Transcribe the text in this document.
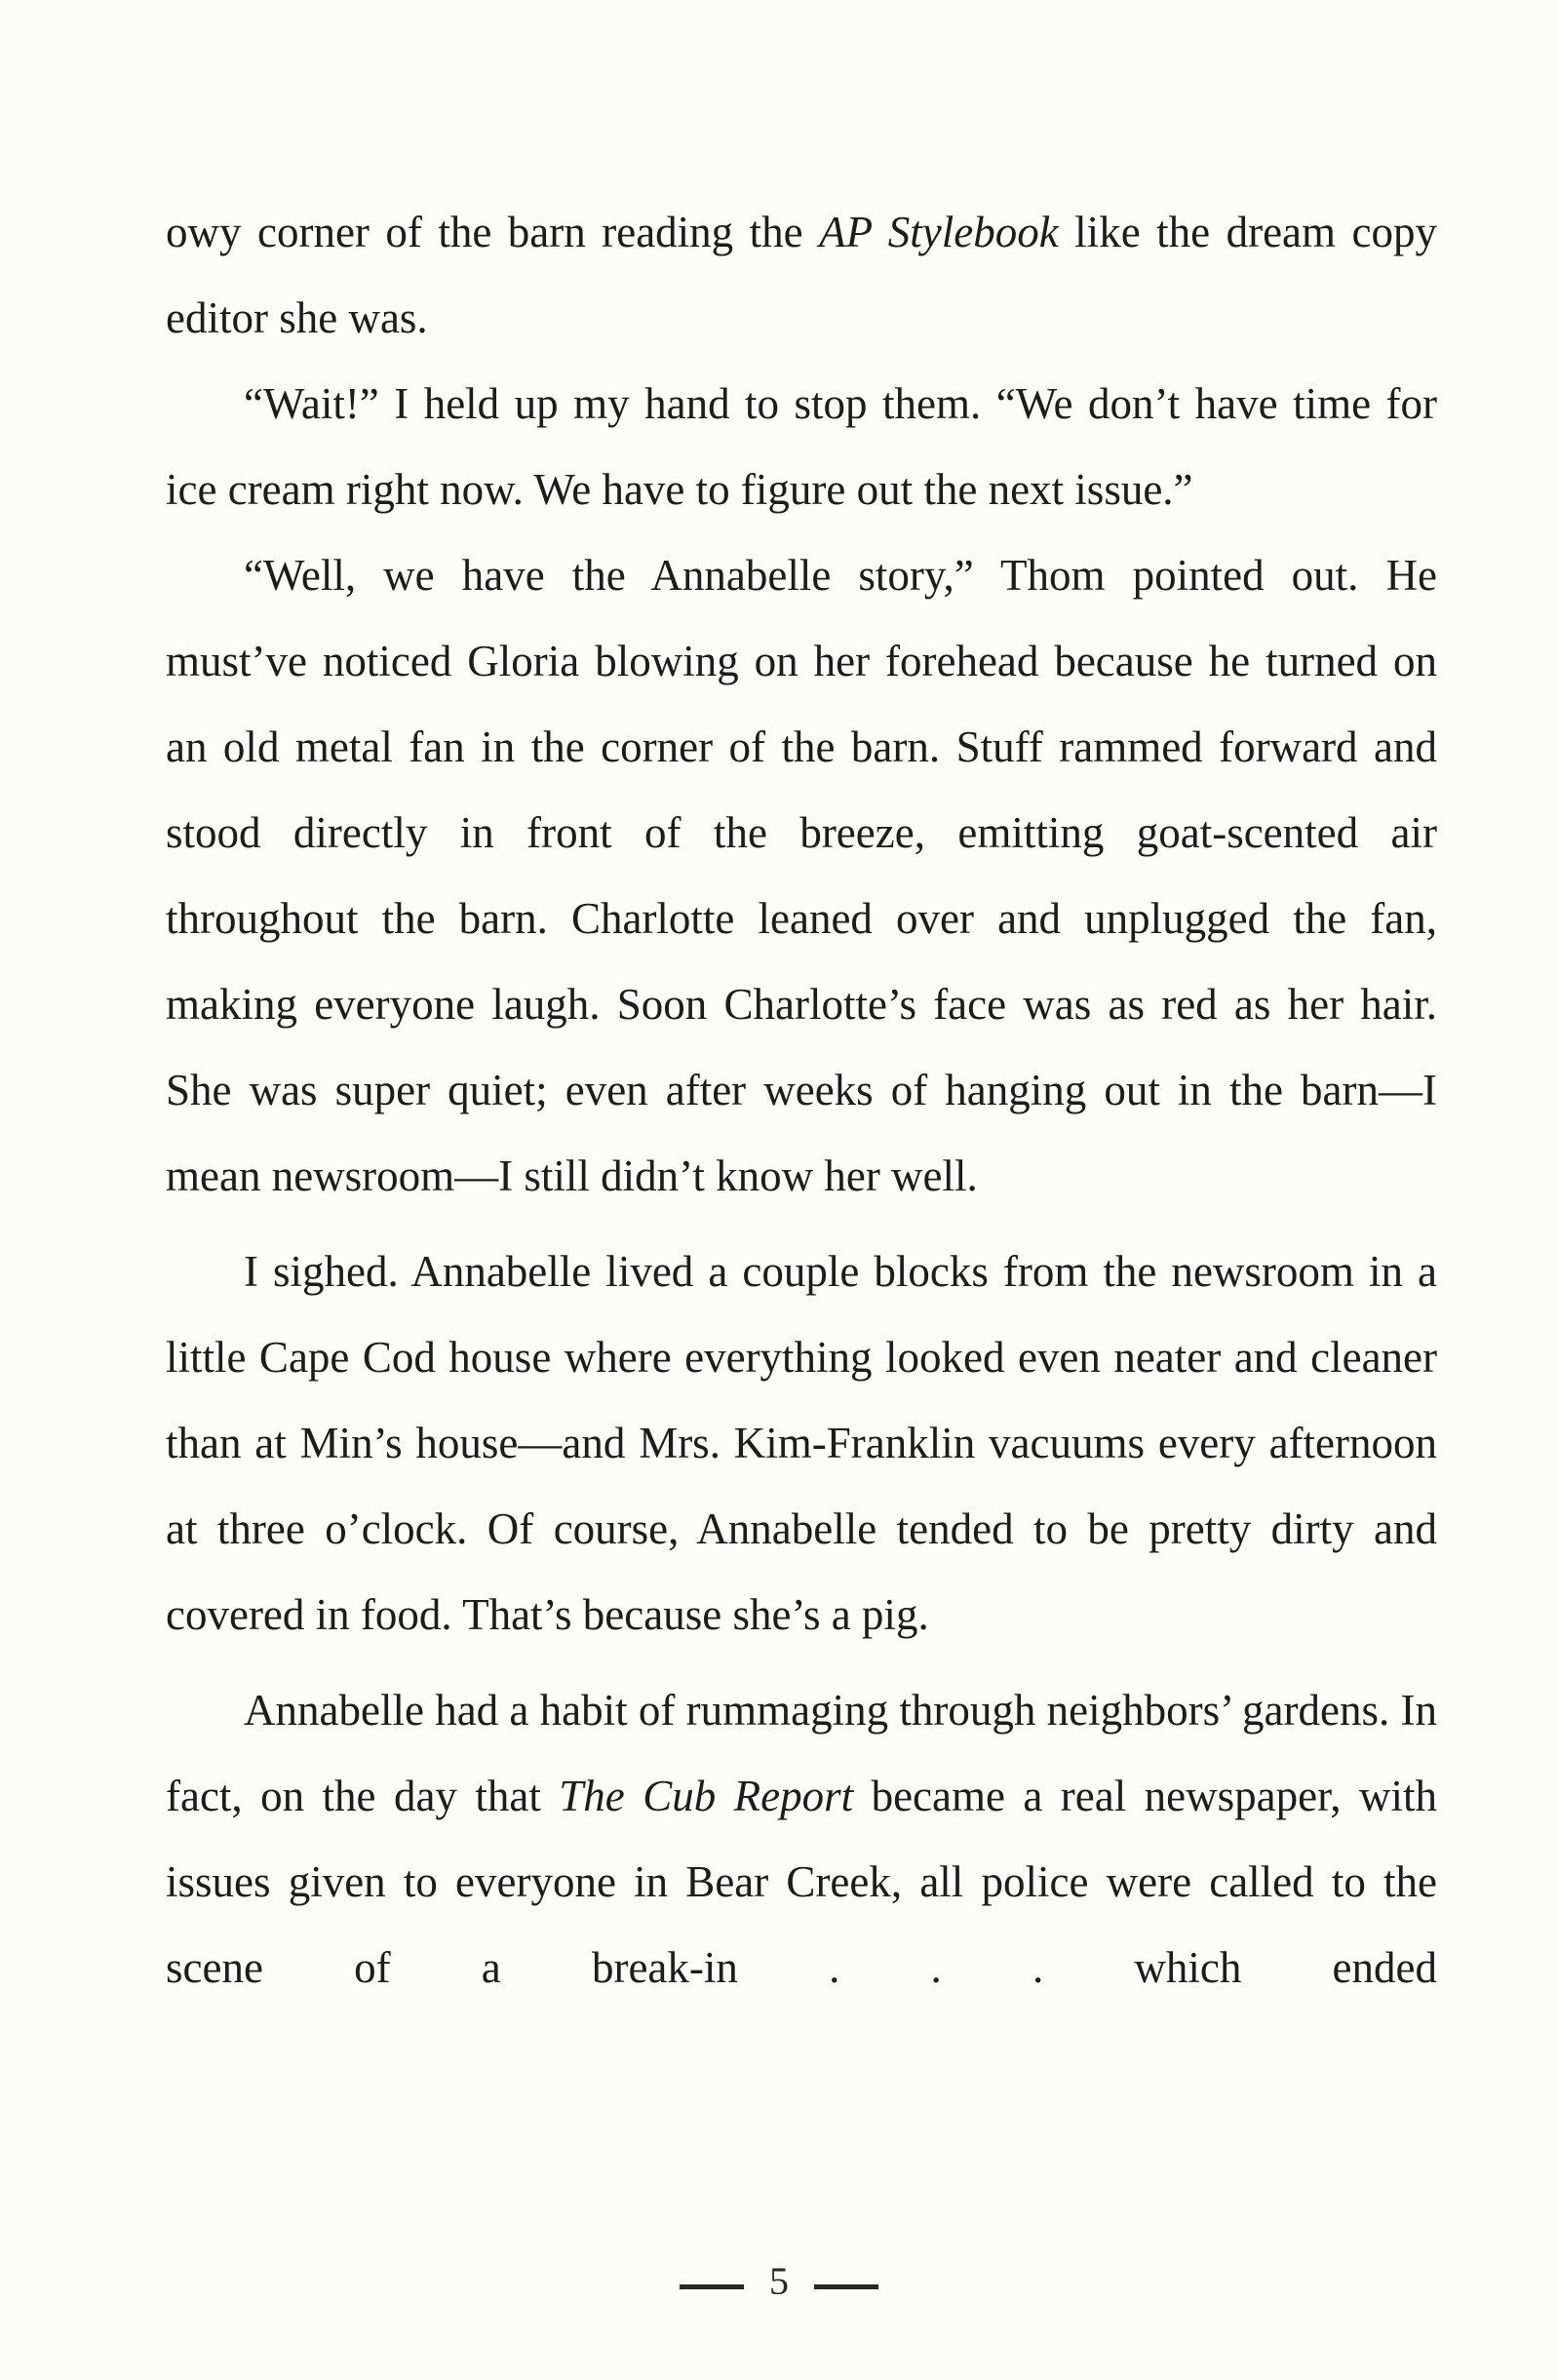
owy corner of the barn reading the AP Stylebook like the dream copy editor she was.

“Wait!” I held up my hand to stop them. “We don’t have time for ice cream right now. We have to figure out the next issue.”

“Well, we have the Annabelle story,” Thom pointed out. He must’ve noticed Gloria blowing on her forehead because he turned on an old metal fan in the corner of the barn. Stuff rammed forward and stood directly in front of the breeze, emitting goat-scented air throughout the barn. Charlotte leaned over and unplugged the fan, making everyone laugh. Soon Charlotte’s face was as red as her hair. She was super quiet; even after weeks of hanging out in the barn—I mean newsroom—I still didn’t know her well.

I sighed. Annabelle lived a couple blocks from the newsroom in a little Cape Cod house where everything looked even neater and cleaner than at Min’s house—and Mrs. Kim-Franklin vacuums every afternoon at three o’clock. Of course, Annabelle tended to be pretty dirty and covered in food. That’s because she’s a pig.

Annabelle had a habit of rummaging through neighbors’ gardens. In fact, on the day that The Cub Report became a real newspaper, with issues given to everyone in Bear Creek, all police were called to the scene of a break-in . . . which ended

5
